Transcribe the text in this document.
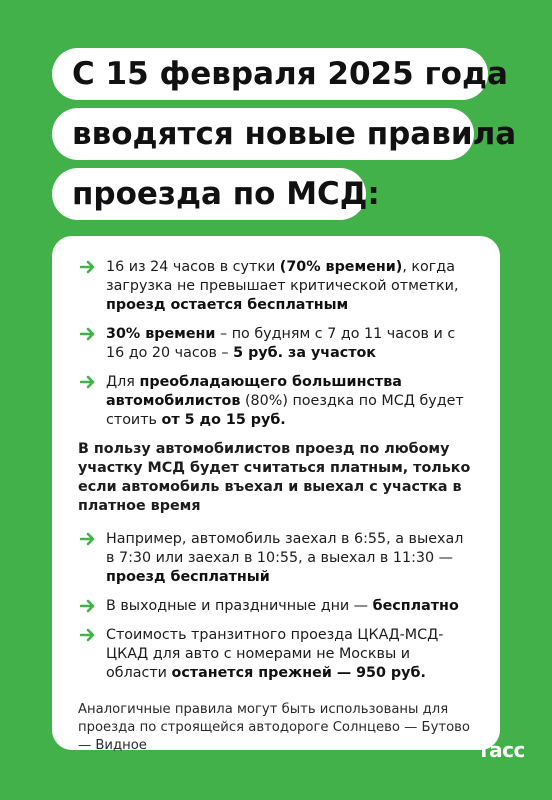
С 15 февраля 2025 года
вводятся новые правила
проезда по МСД:
16 из 24 часов в сутки (70% времени), когда загрузка не превышает критической отметки, проезд остается бесплатным
30% времени – по будням с 7 до 11 часов и с 16 до 20 часов – 5 руб. за участок
Для преобладающего большинства автомобилистов (80%) поездка по МСД будет стоить от 5 до 15 руб.
В пользу автомобилистов проезд по любому участку МСД будет считаться платным, только если автомобиль въехал и выехал с участка в платное время
Например, автомобиль заехал в 6:55, а выехал в 7:30 или заехал в 10:55, а выехал в 11:30 — проезд бесплатный
В выходные и праздничные дни — бесплатно
Стоимость транзитного проезда ЦКАД-МСД-ЦКАД для авто с номерами не Москвы и области останется прежней — 950 руб.
Аналогичные правила могут быть использованы для проезда по строящейся автодороге Солнцево — Бутово — Видное	тасс
